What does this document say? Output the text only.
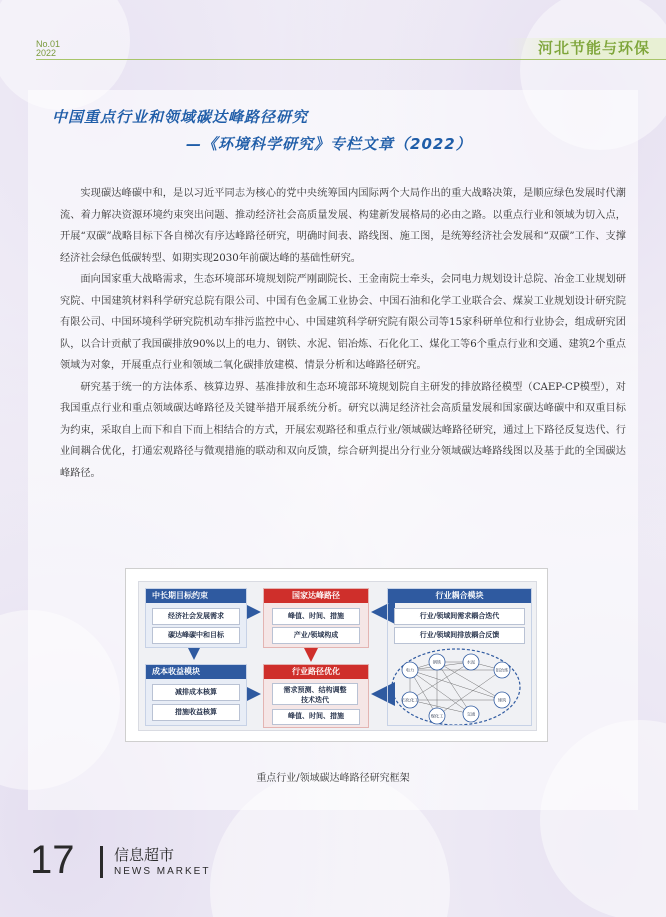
No.01
2022	河北节能与环保
中国重点行业和领域碳达峰路径研究
—《环境科学研究》专栏文章（2022）

实现碳达峰碳中和，是以习近平同志为核心的党中央统筹国内国际两个大局作出的重大战略决策，是顺应绿色发展时代潮流、着力解决资源环境约束突出问题、推动经济社会高质量发展、构建新发展格局的必由之路。以重点行业和领域为切入点，开展“双碳”战略目标下各自梯次有序达峰路径研究，明确时间表、路线图、施工图，是统筹经济社会发展和“双碳”工作、支撑经济社会绿色低碳转型、如期实现2030年前碳达峰的基础性研究。

面向国家重大战略需求，生态环境部环境规划院严刚副院长、王金南院士牵头，会同电力规划设计总院、冶金工业规划研究院、中国建筑材料科学研究总院有限公司、中国有色金属工业协会、中国石油和化学工业联合会、煤炭工业规划设计研究院有限公司、中国环境科学研究院机动车排污监控中心、中国建筑科学研究院有限公司等15家科研单位和行业协会，组成研究团队，以合计贡献了我国碳排放90%以上的电力、钢铁、水泥、铝冶炼、石化化工、煤化工等6个重点行业和交通、建筑2个重点领域为对象，开展重点行业和领域二氧化碳排放建模、情景分析和达峰路径研究。

研究基于统一的方法体系、核算边界、基准排放和生态环境部环境规划院自主研发的排放路径模型（CAEP-CP模型），对我国重点行业和重点领域碳达峰路径及关键举措开展系统分析。研究以满足经济社会高质量发展和国家碳达峰碳中和双重目标为约束，采取自上而下和自下而上相结合的方式，开展宏观路径和重点行业/领域碳达峰路径研究，通过上下路径反复迭代、行业间耦合优化，打通宏观路径与微观措施的联动和双向反馈，综合研判提出分行业分领域碳达峰路线图以及基于此的全国碳达峰路径。

中长期目标约束
经济社会发展需求
碳达峰碳中和目标
成本收益模块
减排成本核算
措施收益核算
国家达峰路径
峰值、时间、措施
产业/领域构成
行业路径优化
需求预测、结构调整
技术迭代
峰值、时间、措施
行业耦合模块
行业/领域间需求耦合迭代
行业/领域间排放耦合反馈
电力
钢铁	水泥
铝冶炼
建筑
交通
煤化工
石化化工
重点行业/领域碳达峰路径研究框架
17	信息超市
NEWS MARKET
